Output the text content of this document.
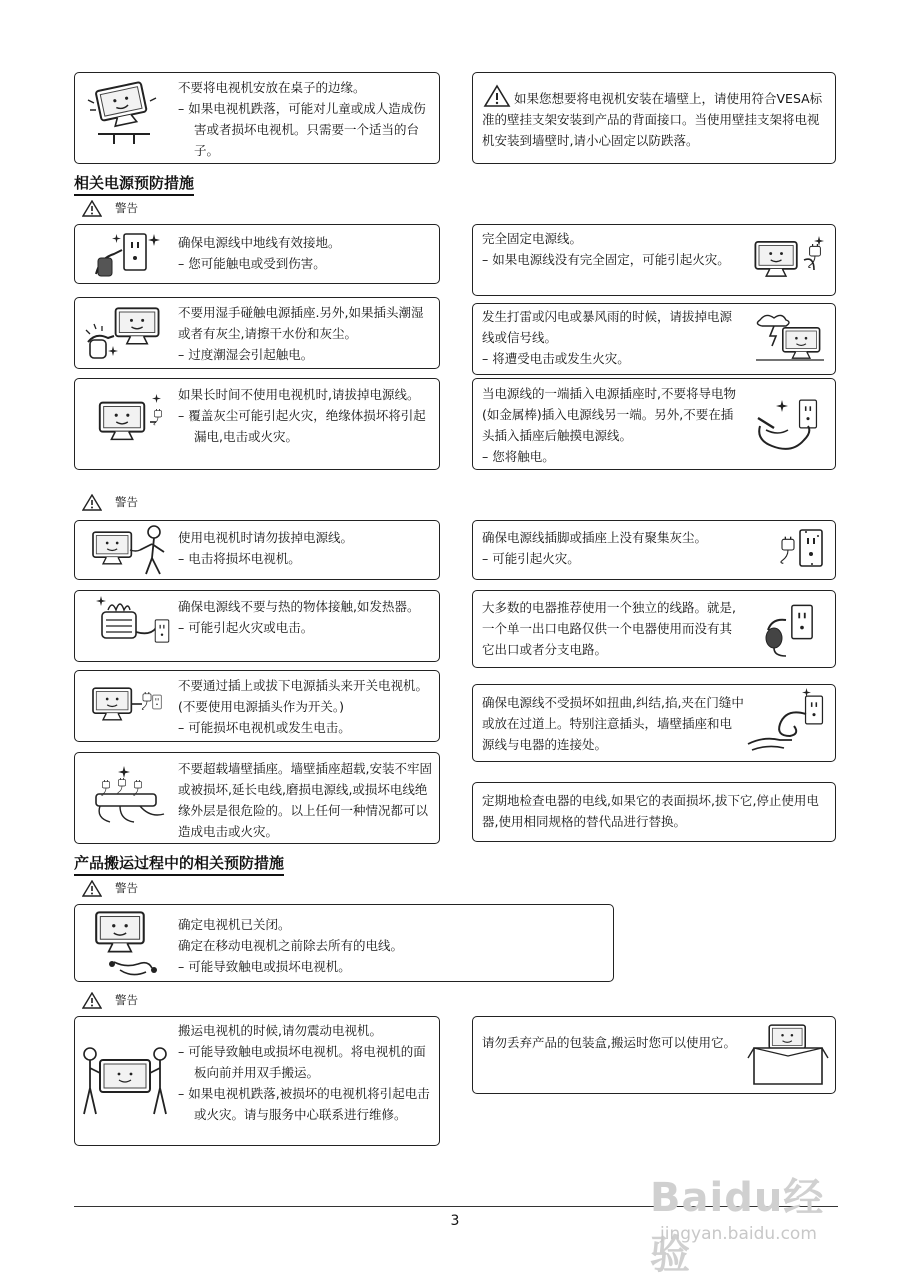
不要将电视机安放在桌子的边缘。
– 如果电视机跌落，可能对儿童或成人造成伤害或者损坏电视机。只需要一个适当的台子。
如果您想要将电视机安装在墙壁上，请使用符合VESA标准的壁挂支架安装到产品的背面接口。当使用壁挂支架将电视机安装到墙壁时,请小心固定以防跌落。
相关电源预防措施
警告
确保电源线中地线有效接地。
– 您可能触电或受到伤害。
完全固定电源线。
– 如果电源线没有完全固定，可能引起火灾。
不要用湿手碰触电源插座.另外,如果插头潮湿或者有灰尘,请擦干水份和灰尘。
– 过度潮湿会引起触电。
发生打雷或闪电或暴风雨的时候，请拔掉电源线或信号线。
– 将遭受电击或发生火灾。
如果长时间不使用电视机时,请拔掉电源线。
– 覆盖灰尘可能引起火灾，绝缘体损坏将引起漏电,电击或火灾。
当电源线的一端插入电源插座时,不要将导电物(如金属棒)插入电源线另一端。另外,不要在插头插入插座后触摸电源线。
– 您将触电。
警告
使用电视机时请勿拔掉电源线。
– 电击将损坏电视机。
确保电源线插脚或插座上没有聚集灰尘。
– 可能引起火灾。
确保电源线不要与热的物体接触,如发热器。
– 可能引起火灾或电击。
大多数的电器推荐使用一个独立的线路。就是,一个单一出口电路仅供一个电器使用而没有其它出口或者分支电路。
不要通过插上或拔下电源插头来开关电视机。(不要使用电源插头作为开关。)
– 可能损坏电视机或发生电击。
确保电源线不受损坏如扭曲,纠结,掐,夹在门缝中或放在过道上。特别注意插头，墙壁插座和电源线与电器的连接处。
不要超载墙壁插座。墙壁插座超载,安装不牢固或被损坏,延长电线,磨损电源线,或损坏电线绝缘外层是很危险的。以上任何一种情况都可以造成电击或火灾。
定期地检查电器的电线,如果它的表面损坏,拔下它,停止使用电器,使用相同规格的替代品进行替换。
产品搬运过程中的相关预防措施
警告
确定电视机已关闭。
确定在移动电视机之前除去所有的电线。
– 可能导致触电或损坏电视机。
警告
搬运电视机的时候,请勿震动电视机。
– 可能导致触电或损坏电视机。将电视机的面板向前并用双手搬运。
– 如果电视机跌落,被损坏的电视机将引起电击或火灾。请与服务中心联系进行维修。
请勿丢弃产品的包装盒,搬运时您可以使用它。
3	Baidu经验
jingyan.baidu.com
